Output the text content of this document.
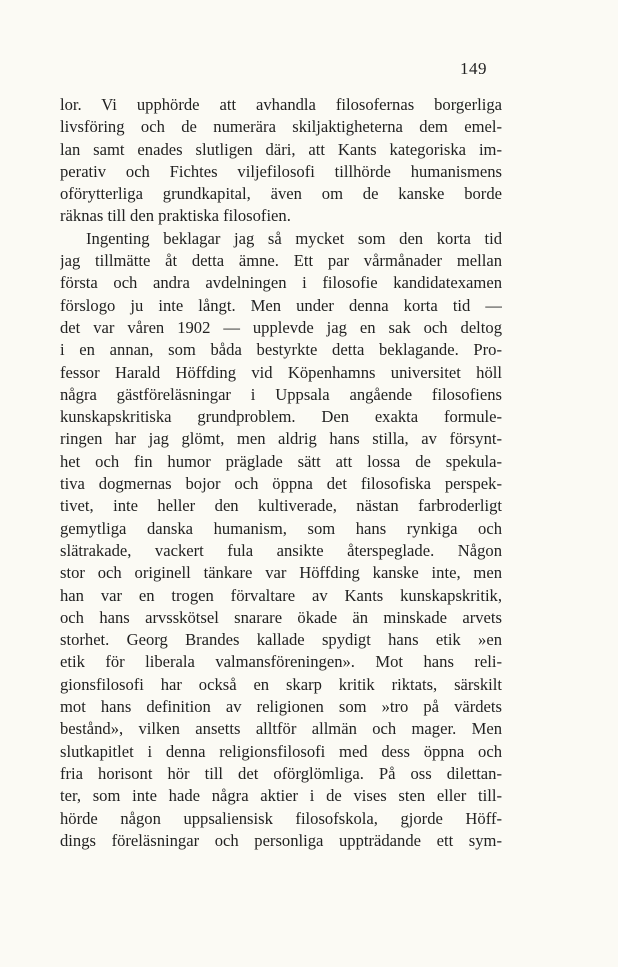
149
lor. Vi upphörde att avhandla filosofernas borgerliga
livsföring och de numerära skiljaktigheterna dem emel-
lan samt enades slutligen däri, att Kants kategoriska im-
perativ och Fichtes viljefilosofi tillhörde humanismens
oförytterliga grundkapital, även om de kanske borde
räknas till den praktiska filosofien.
Ingenting beklagar jag så mycket som den korta tid
jag tillmätte åt detta ämne. Ett par vårmånader mellan
första och andra avdelningen i filosofie kandidatexamen
förslogo ju inte långt. Men under denna korta tid —
det var våren 1902 — upplevde jag en sak och deltog
i en annan, som båda bestyrkte detta beklagande. Pro-
fessor Harald Höffding vid Köpenhamns universitet höll
några gästföreläsningar i Uppsala angående filosofiens
kunskapskritiska grundproblem. Den exakta formule-
ringen har jag glömt, men aldrig hans stilla, av försynt-
het och fin humor präglade sätt att lossa de spekula-
tiva dogmernas bojor och öppna det filosofiska perspek-
tivet, inte heller den kultiverade, nästan farbroderligt
gemytliga danska humanism, som hans rynkiga och
slätrakade, vackert fula ansikte återspeglade. Någon
stor och originell tänkare var Höffding kanske inte, men
han var en trogen förvaltare av Kants kunskapskritik,
och hans arvsskötsel snarare ökade än minskade arvets
storhet. Georg Brandes kallade spydigt hans etik »en
etik för liberala valmansföreningen». Mot hans reli-
gionsfilosofi har också en skarp kritik riktats, särskilt
mot hans definition av religionen som »tro på värdets
bestånd», vilken ansetts alltför allmän och mager. Men
slutkapitlet i denna religionsfilosofi med dess öppna och
fria horisont hör till det oförglömliga. På oss dilettan-
ter, som inte hade några aktier i de vises sten eller till-
hörde någon uppsaliensisk filosofskola, gjorde Höff-
dings föreläsningar och personliga uppträdande ett sym-
